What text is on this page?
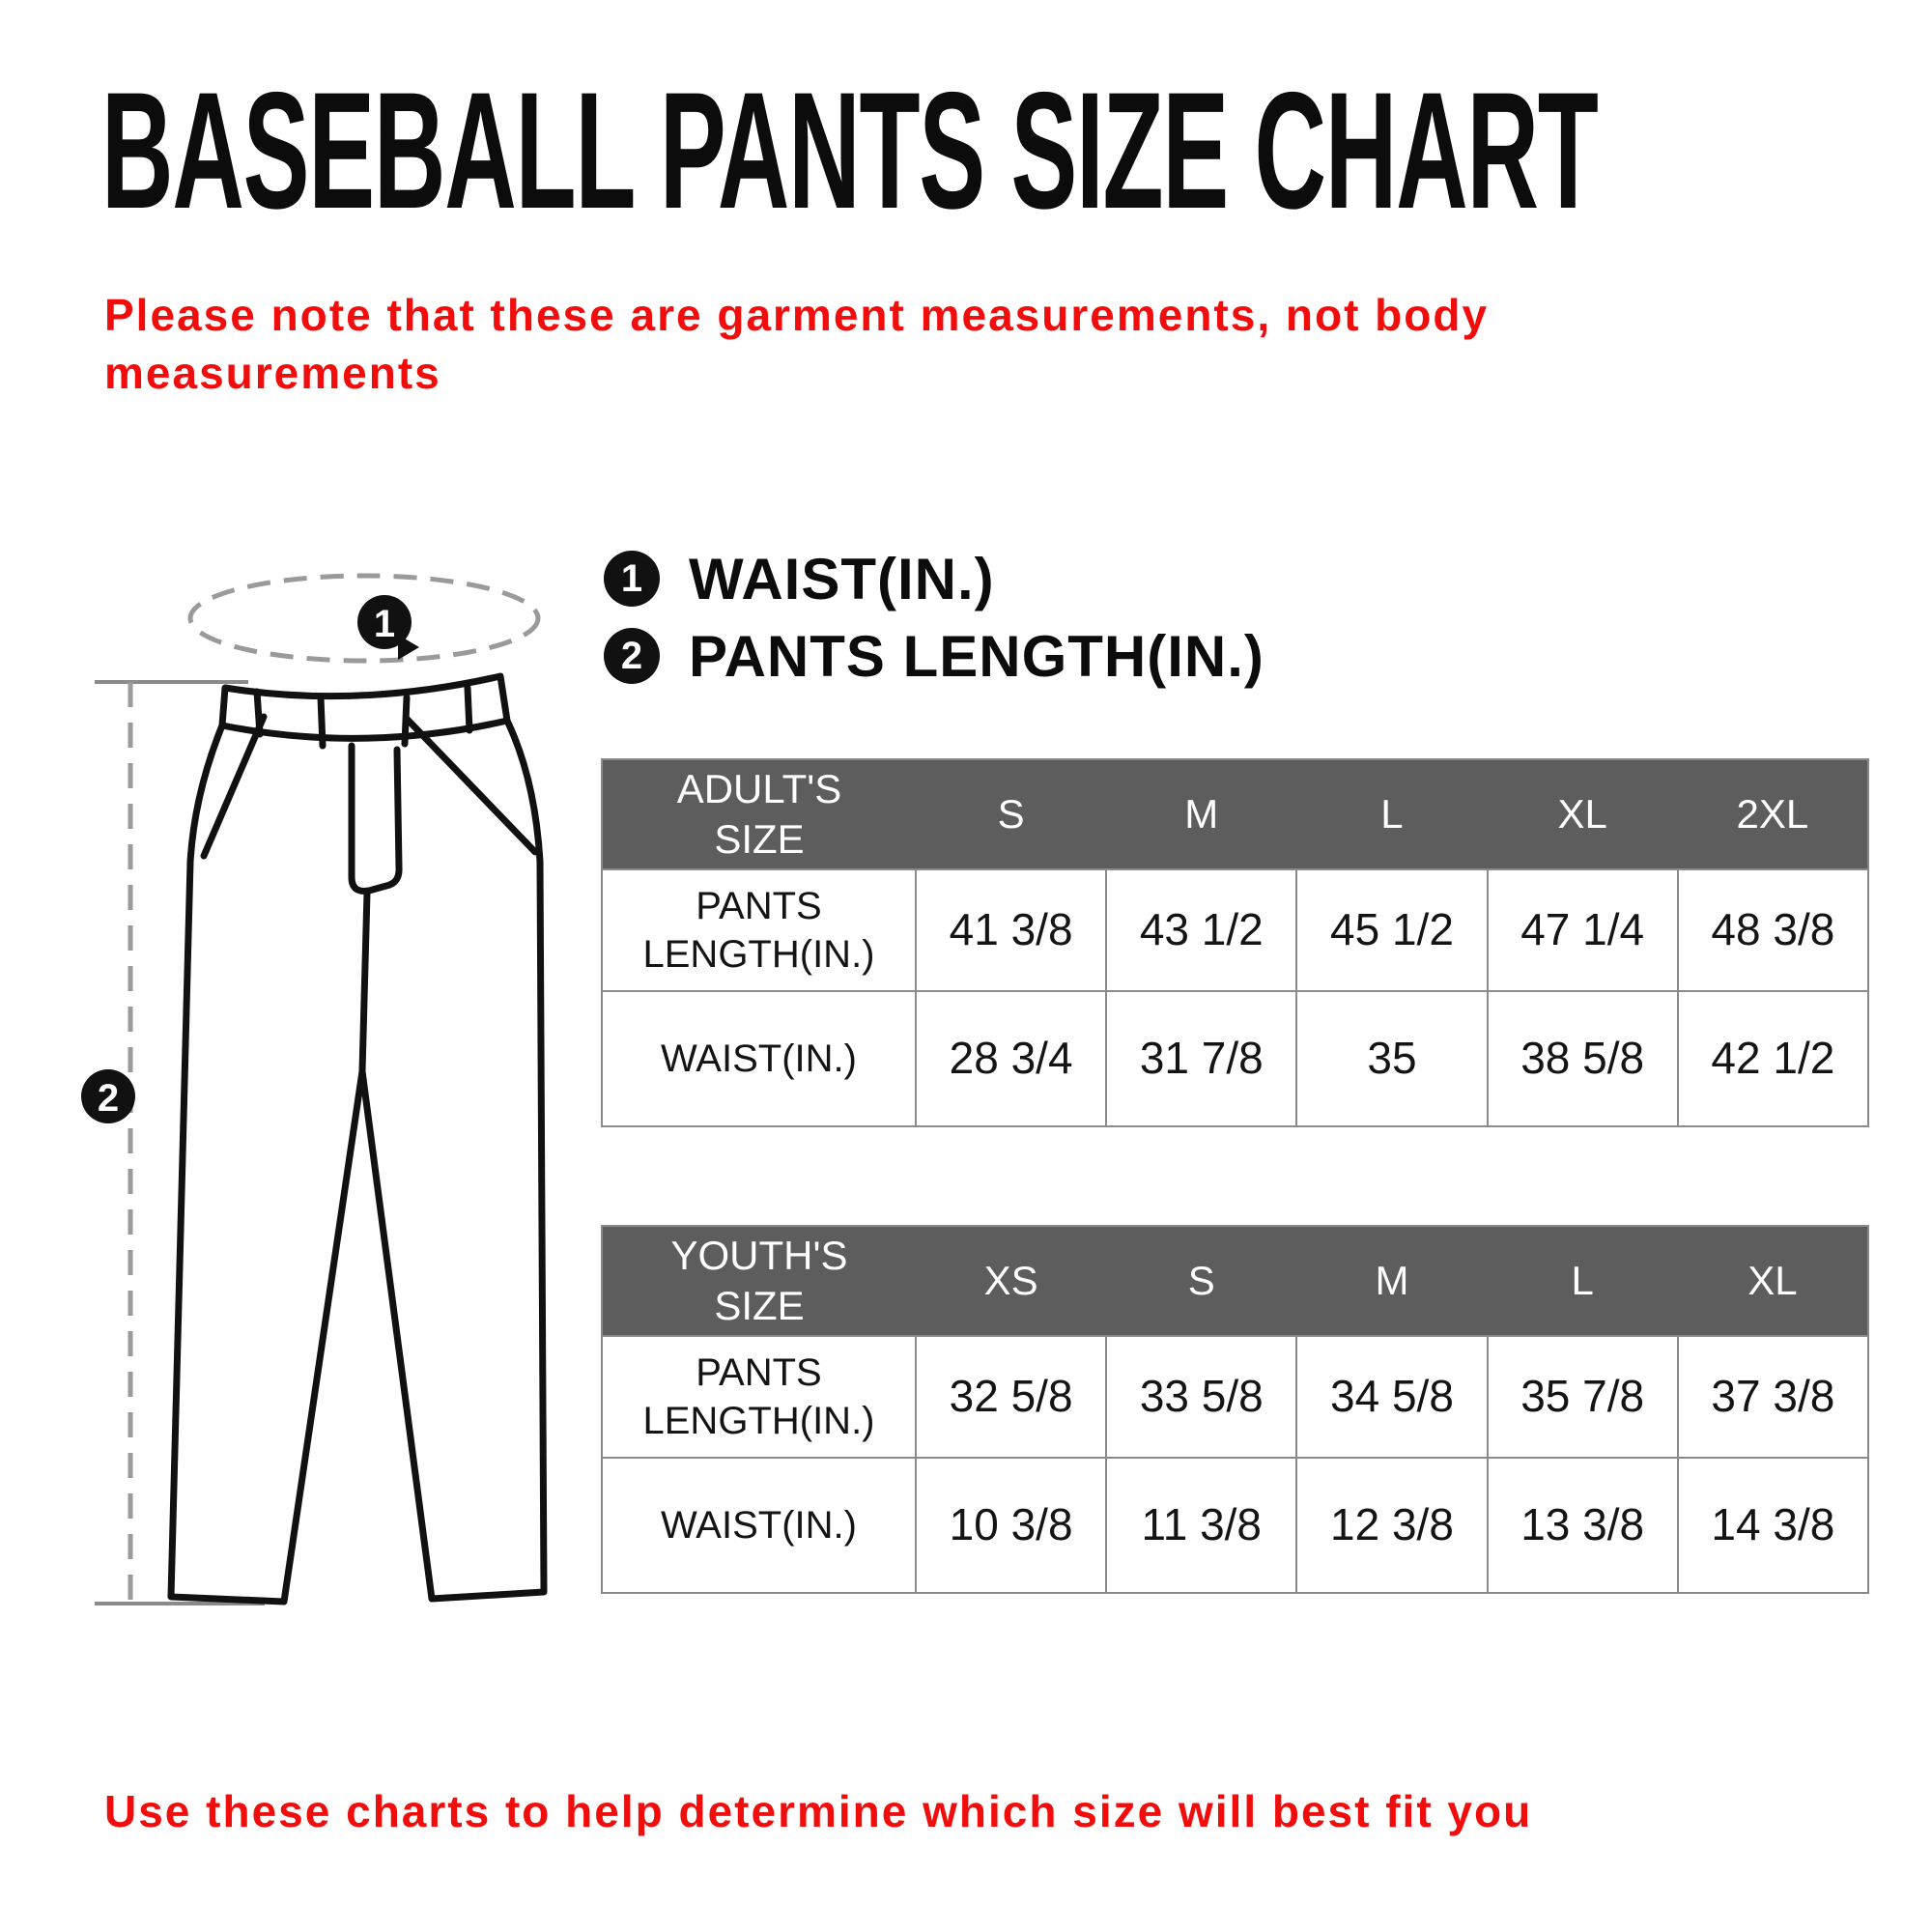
BASEBALL PANTS SIZE CHART

Please note that these are garment measurements, not body
measurements

1
2
1 WAIST(IN.)
2 PANTS LENGTH(IN.)
ADULT'S SIZE	S	M	L	XL	2XL
PANTS LENGTH(IN.)	41 3/8	43 1/2	45 1/2	47 1/4	48 3/8
WAIST(IN.)	28 3/4	31 7/8	35	38 5/8	42 1/2
YOUTH'S SIZE	XS	S	M	L	XL
PANTS LENGTH(IN.)	32 5/8	33 5/8	34 5/8	35 7/8	37 3/8
WAIST(IN.)	10 3/8	11 3/8	12 3/8	13 3/8	14 3/8

Use these charts to help determine which size will best fit you
